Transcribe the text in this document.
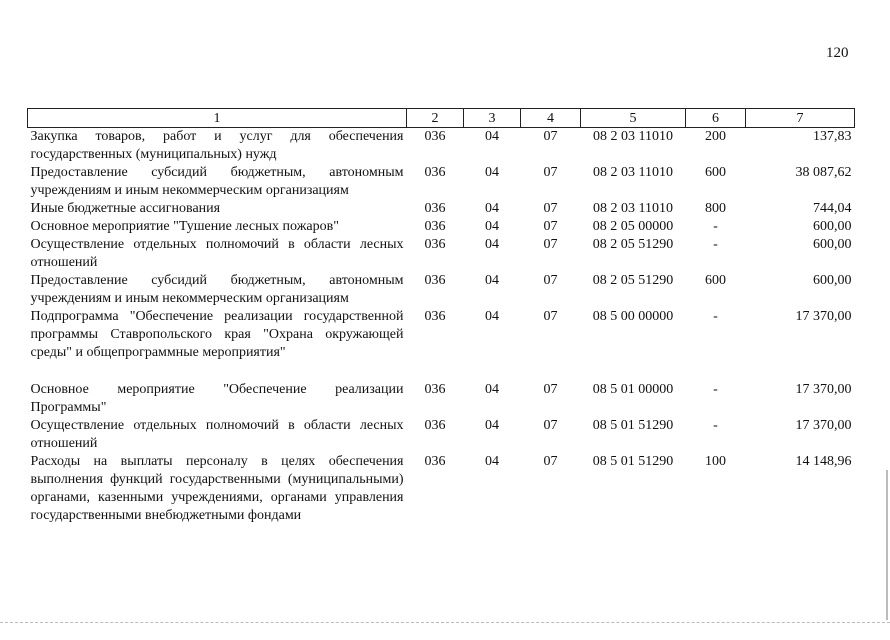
120
1	2	3	4	5	6	7
Закупка товаров, работ и услуг для обеспечения государственных (муниципальных) нужд	036	04	07	08 2 03 11010	200	137,83
Предоставление субсидий бюджетным, автономным учреждениям и иным некоммерческим организациям	036	04	07	08 2 03 11010	600	38 087,62
Иные бюджетные ассигнования	036	04	07	08 2 03 11010	800	744,04
Основное мероприятие "Тушение лесных пожаров"	036	04	07	08 2 05 00000	-	600,00
Осуществление отдельных полномочий в области лесных отношений	036	04	07	08 2 05 51290	-	600,00
Предоставление субсидий бюджетным, автономным учреждениям и иным некоммерческим организациям	036	04	07	08 2 05 51290	600	600,00
Подпрограмма "Обеспечение реализации государственной программы Ставропольского края "Охрана окружающей среды" и общепрограммные мероприятия"	036	04	07	08 5 00 00000	-	17 370,00

Основное мероприятие "Обеспечение реализации Программы"	036	04	07	08 5 01 00000	-	17 370,00
Осуществление отдельных полномочий в области лесных отношений	036	04	07	08 5 01 51290	-	17 370,00
Расходы на выплаты персоналу в целях обеспечения выполнения функций государственными (муниципальными) органами, казенными учреждениями, органами управления государственными внебюджетными фондами	036	04	07	08 5 01 51290	100	14 148,96
